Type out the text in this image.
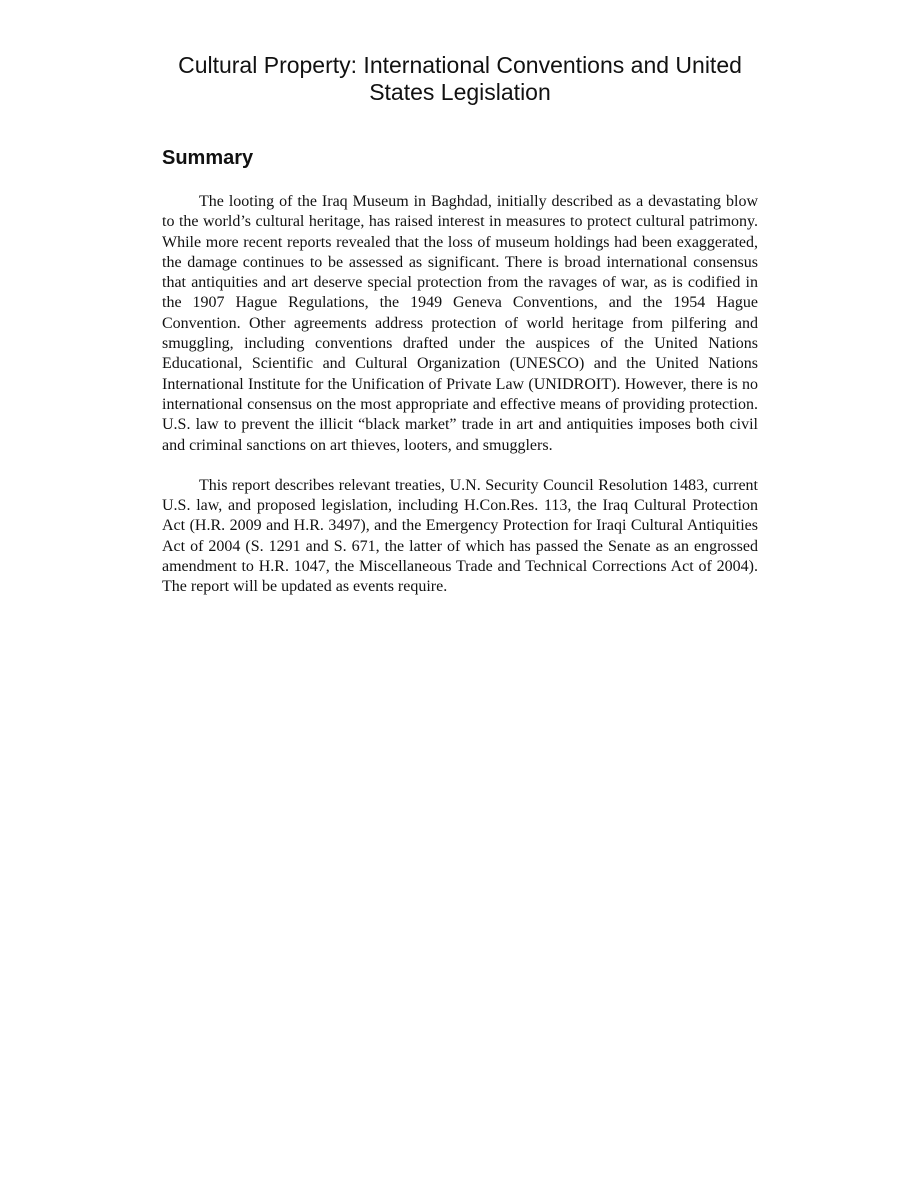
Cultural Property: International Conventions and United States Legislation
Summary

The looting of the Iraq Museum in Baghdad, initially described as a devastating blow to the world’s cultural heritage, has raised interest in measures to protect cultural patrimony. While more recent reports revealed that the loss of museum holdings had been exaggerated, the damage continues to be assessed as significant. There is broad international consensus that antiquities and art deserve special protection from the ravages of war, as is codified in the 1907 Hague Regulations, the 1949 Geneva Conventions, and the 1954 Hague Convention. Other agreements address protection of world heritage from pilfering and smuggling, including conventions drafted under the auspices of the United Nations Educational, Scientific and Cultural Organization (UNESCO) and the United Nations International Institute for the Unification of Private Law (UNIDROIT). However, there is no international consensus on the most appropriate and effective means of providing protection. U.S. law to prevent the illicit “black market” trade in art and antiquities imposes both civil and criminal sanctions on art thieves, looters, and smugglers.

This report describes relevant treaties, U.N. Security Council Resolution 1483, current U.S. law, and proposed legislation, including H.Con.Res. 113, the Iraq Cultural Protection Act (H.R. 2009 and H.R. 3497), and the Emergency Protection for Iraqi Cultural Antiquities Act of 2004 (S. 1291 and S. 671, the latter of which has passed the Senate as an engrossed amendment to H.R. 1047, the Miscellaneous Trade and Technical Corrections Act of 2004). The report will be updated as events require.
